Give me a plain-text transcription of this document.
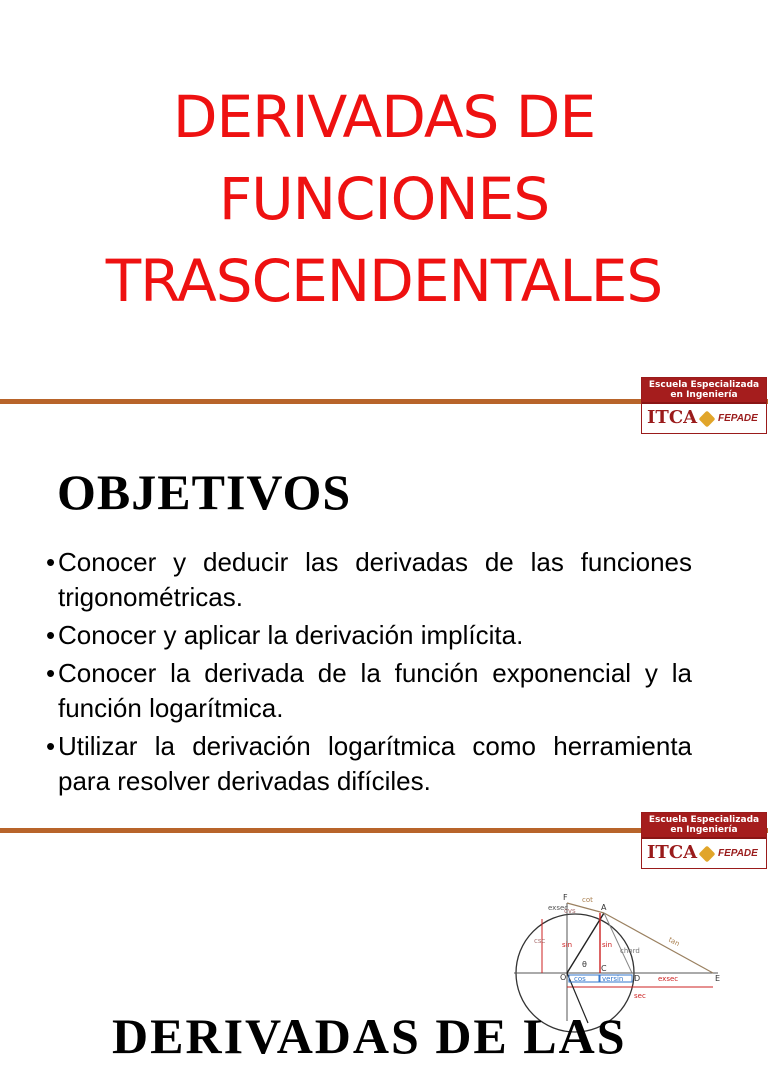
DERIVADAS DE
FUNCIONES
TRASCENDENTALES
Escuela Especializada
en Ingeniería
ITCA FEPADE
OBJETIVOS
• Conocer y deducir las derivadas de las funciones trigonométricas.
• Conocer y aplicar la derivación implícita.
• Conocer la derivada de la función exponencial y la función logarítmica.
• Utilizar la derivación logarítmica como herramienta para resolver derivadas difíciles.
Escuela Especializada
en Ingeniería
ITCA FEPADE
F
A
C
O	D	E
θ
exsec
cot
csc
cvs
sin	sin	tan
chord
cos versin	exsec
sec
DERIVADAS DE LAS
